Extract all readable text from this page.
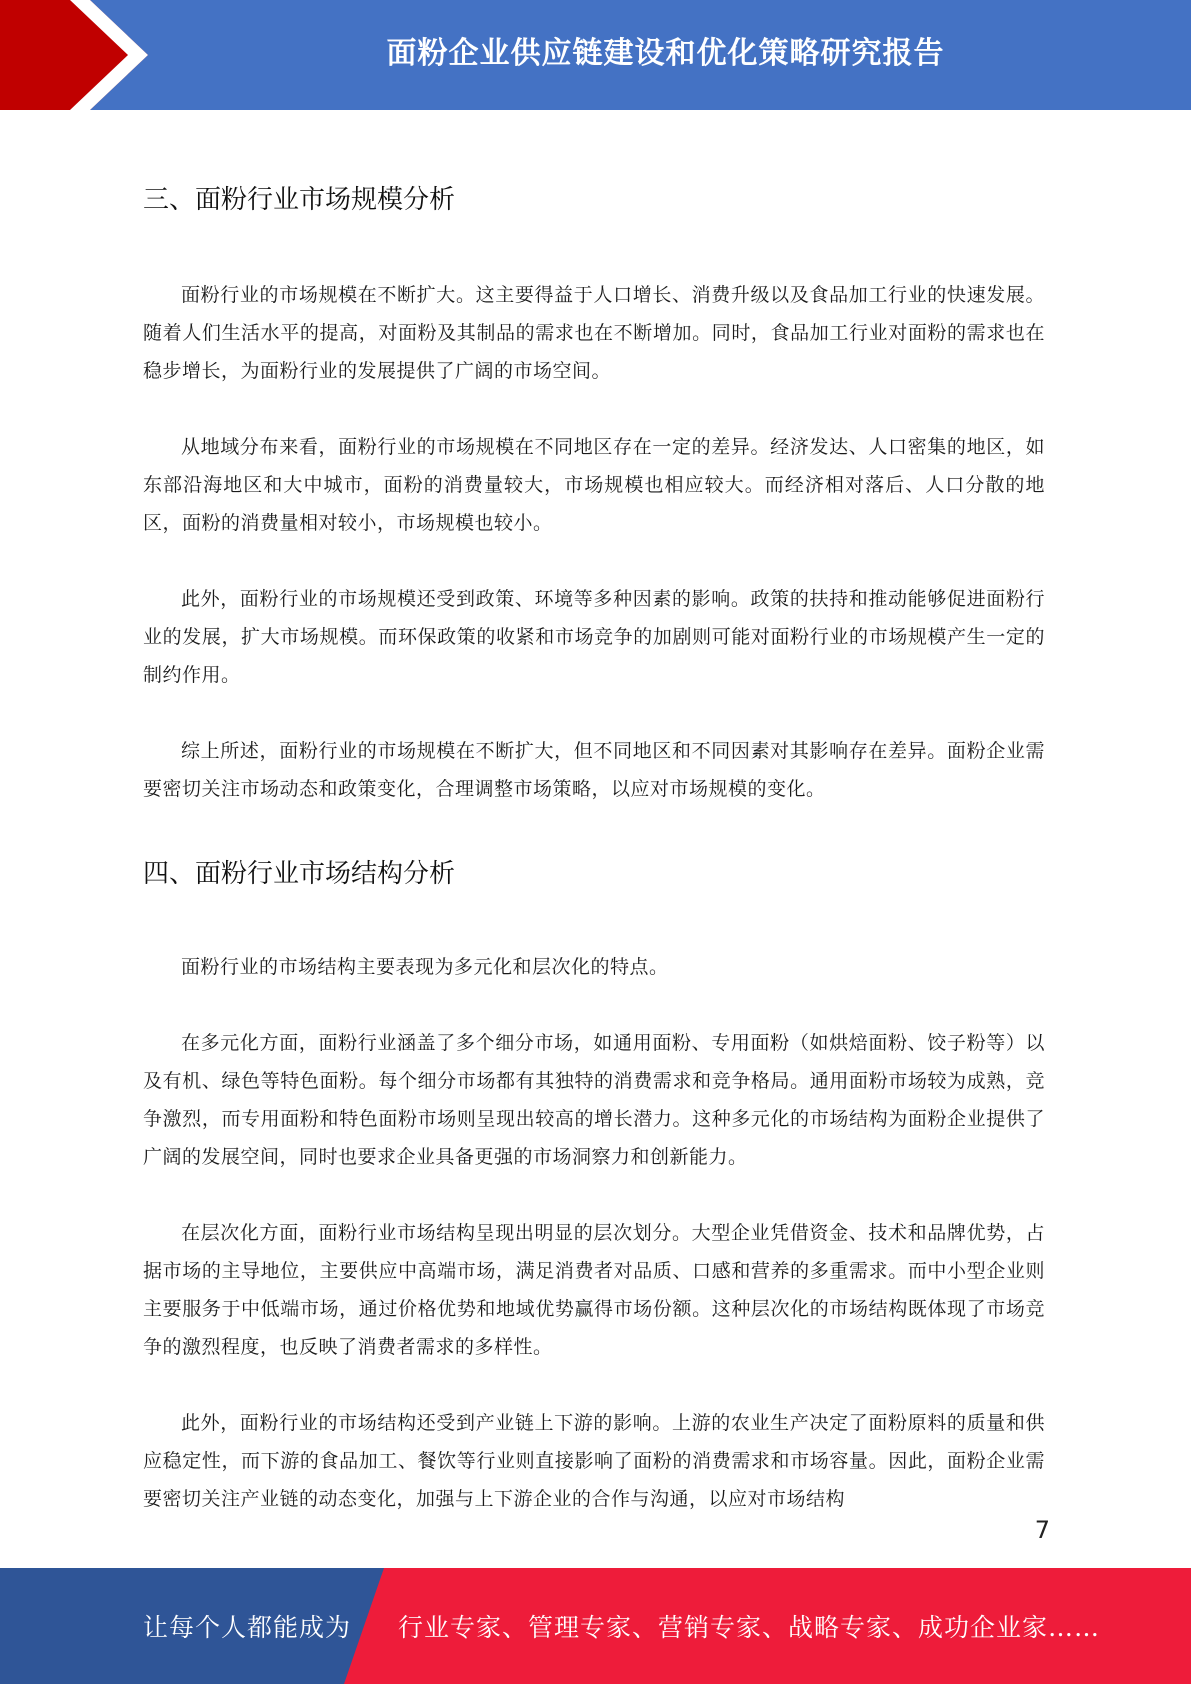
面粉企业供应链建设和优化策略研究报告
三、面粉行业市场规模分析

面粉行业的市场规模在不断扩大。这主要得益于人口增长、消费升级以及食品加工行业的快速发展。随着人们生活水平的提高，对面粉及其制品的需求也在不断增加。同时，食品加工行业对面粉的需求也在稳步增长，为面粉行业的发展提供了广阔的市场空间。

从地域分布来看，面粉行业的市场规模在不同地区存在一定的差异。经济发达、人口密集的地区，如东部沿海地区和大中城市，面粉的消费量较大，市场规模也相应较大。而经济相对落后、人口分散的地区，面粉的消费量相对较小，市场规模也较小。

此外，面粉行业的市场规模还受到政策、环境等多种因素的影响。政策的扶持和推动能够促进面粉行业的发展，扩大市场规模。而环保政策的收紧和市场竞争的加剧则可能对面粉行业的市场规模产生一定的制约作用。

综上所述，面粉行业的市场规模在不断扩大，但不同地区和不同因素对其影响存在差异。面粉企业需要密切关注市场动态和政策变化，合理调整市场策略，以应对市场规模的变化。

四、面粉行业市场结构分析

面粉行业的市场结构主要表现为多元化和层次化的特点。

在多元化方面，面粉行业涵盖了多个细分市场，如通用面粉、专用面粉（如烘焙面粉、饺子粉等）以及有机、绿色等特色面粉。每个细分市场都有其独特的消费需求和竞争格局。通用面粉市场较为成熟，竞争激烈，而专用面粉和特色面粉市场则呈现出较高的增长潜力。这种多元化的市场结构为面粉企业提供了广阔的发展空间，同时也要求企业具备更强的市场洞察力和创新能力。

在层次化方面，面粉行业市场结构呈现出明显的层次划分。大型企业凭借资金、技术和品牌优势，占据市场的主导地位，主要供应中高端市场，满足消费者对品质、口感和营养的多重需求。而中小型企业则主要服务于中低端市场，通过价格优势和地域优势赢得市场份额。这种层次化的市场结构既体现了市场竞争的激烈程度，也反映了消费者需求的多样性。

此外，面粉行业的市场结构还受到产业链上下游的影响。上游的农业生产决定了面粉原料的质量和供应稳定性，而下游的食品加工、餐饮等行业则直接影响了面粉的消费需求和市场容量。因此，面粉企业需要密切关注产业链的动态变化，加强与上下游企业的合作与沟通，以应对市场结构

7
让每个人都能成为 行业专家、管理专家、营销专家、战略专家、成功企业家……
